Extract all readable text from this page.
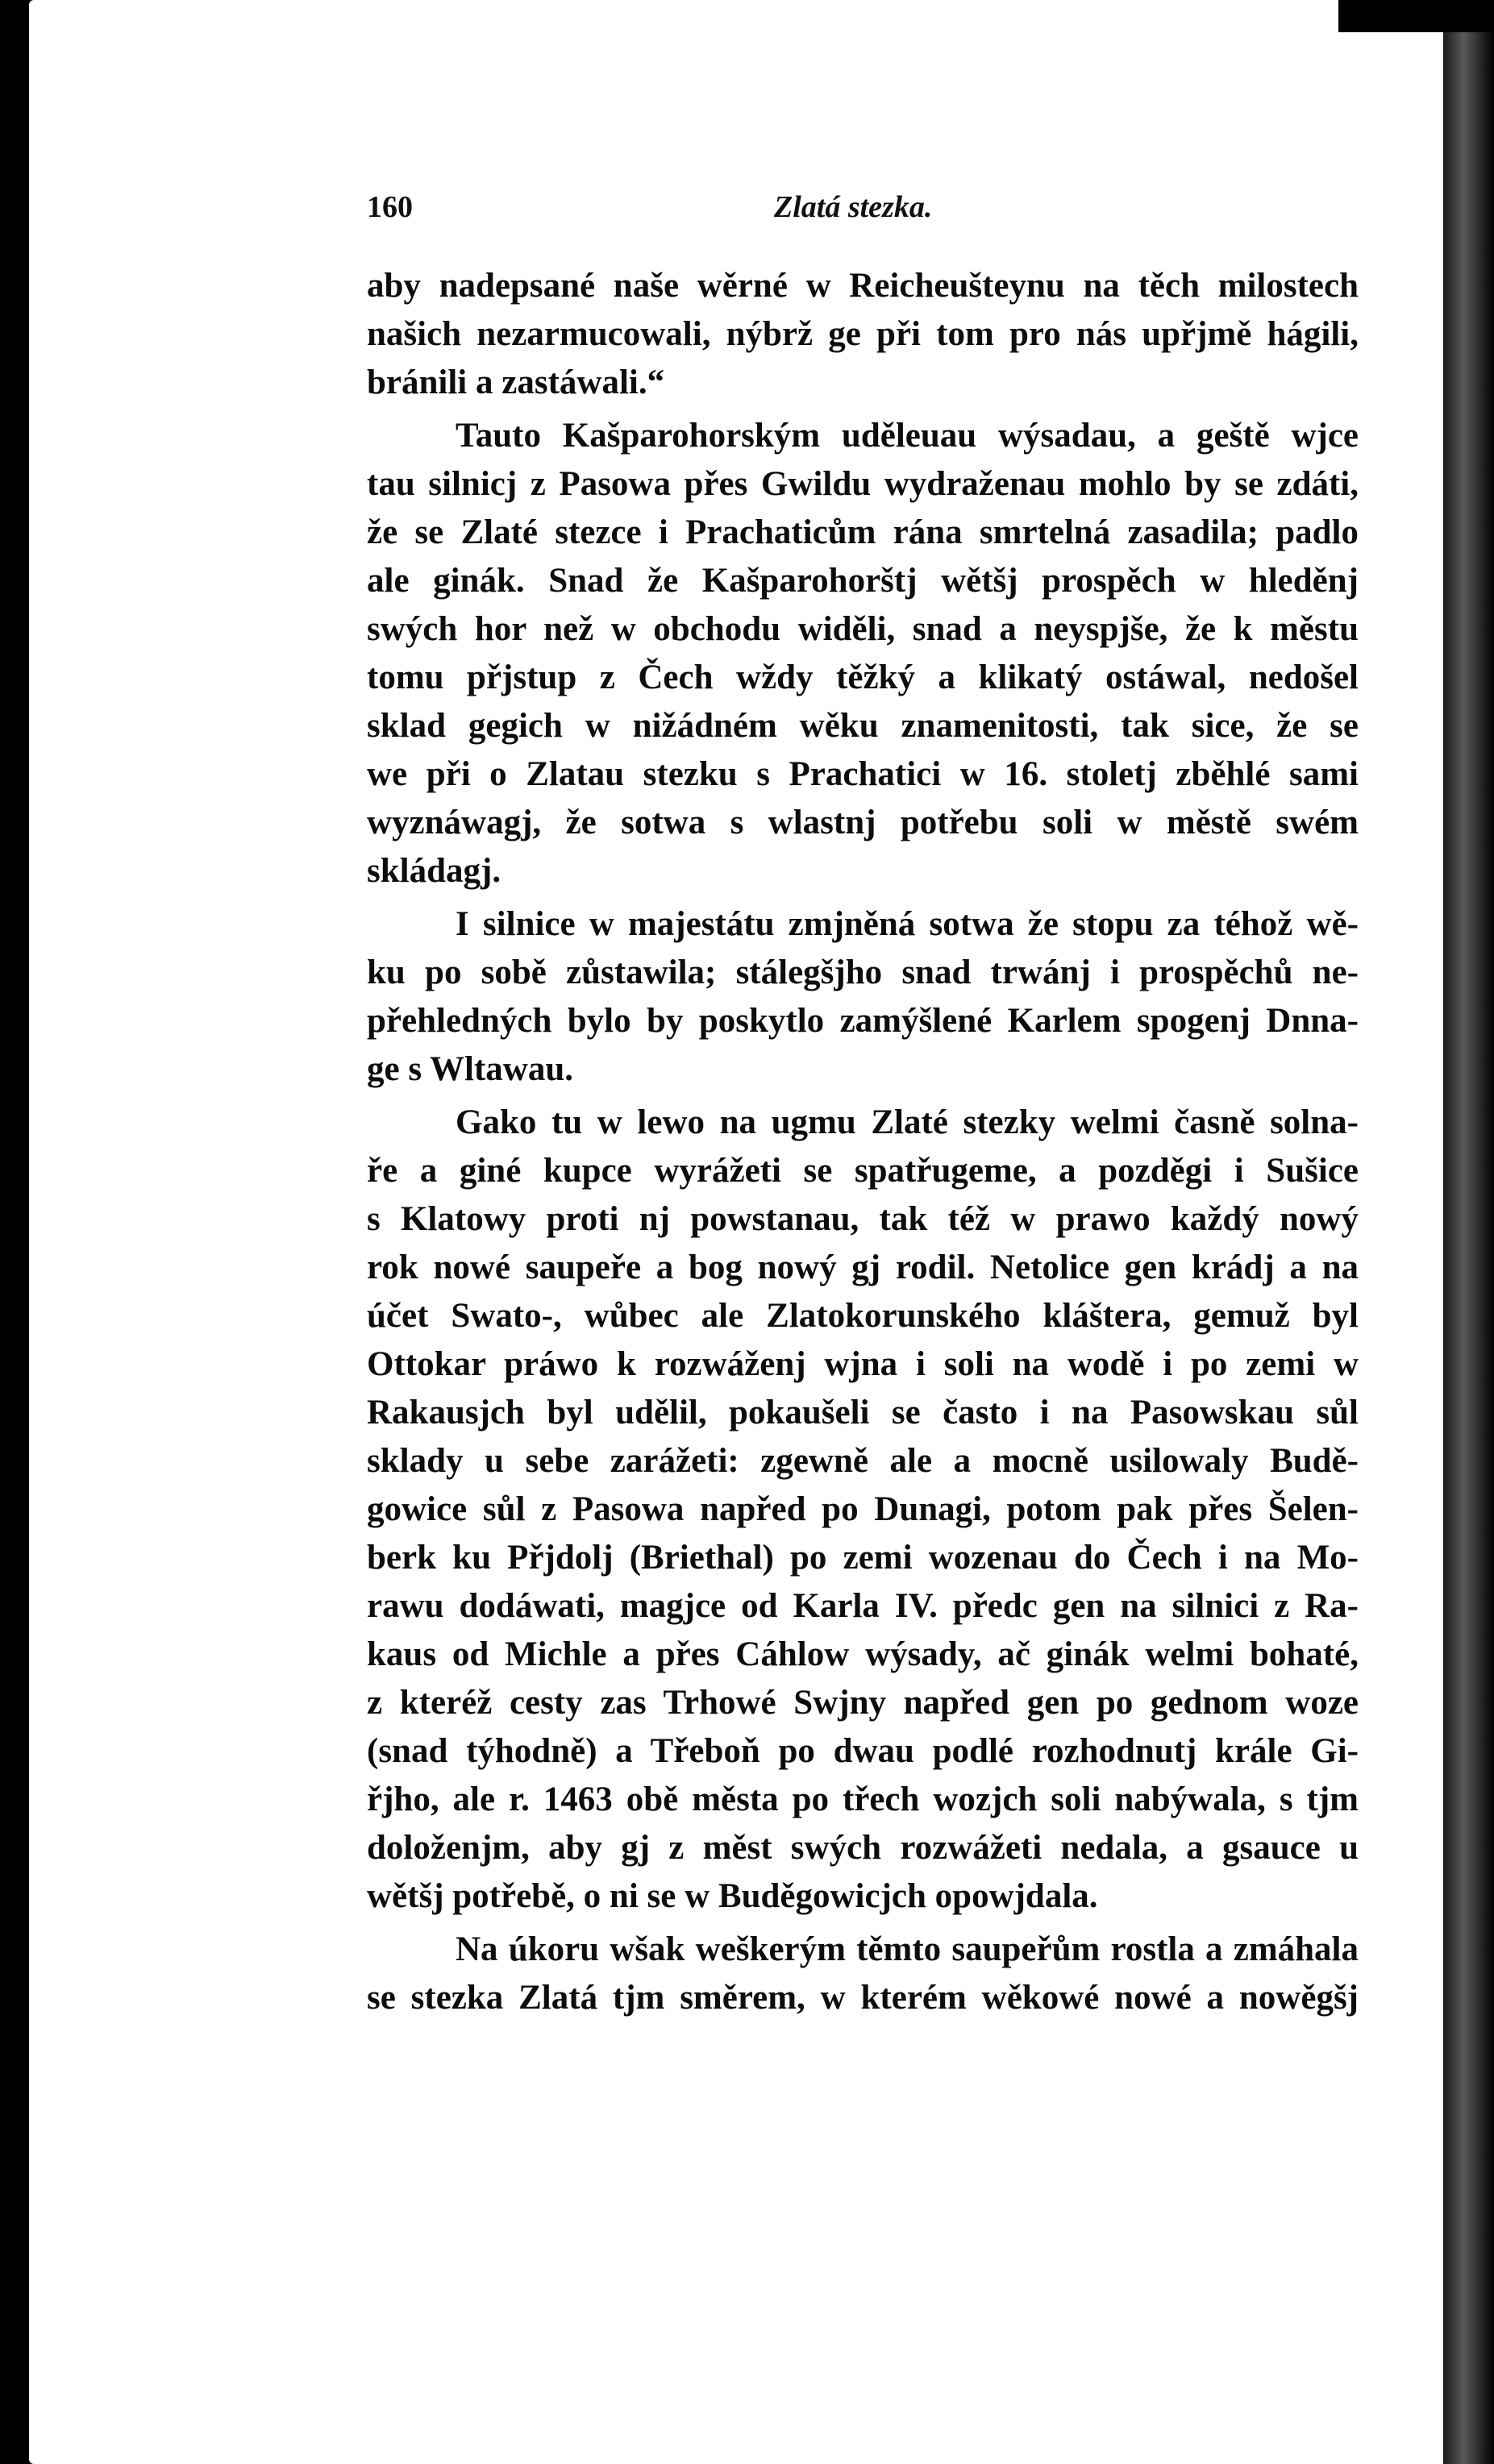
160	Zlatá stezka.
aby nadepsané naše wěrné w Reicheušteynu na těch milostech
našich nezarmucowali, nýbrž ge při tom pro nás upřjmě hágili,
bránili a zastáwali.“
Tauto Kašparohorským uděleuau wýsadau, a geště wjce
tau silnicj z Pasowa přes Gwildu wydraženau mohlo by se zdáti,
že se Zlaté stezce i Prachaticům rána smrtelná zasadila; padlo
ale ginák. Snad že Kašparohorštj wětšj prospěch w hleděnj
swých hor než w obchodu widěli, snad a neyspjše, že k městu
tomu přjstup z Čech wždy těžký a klikatý ostáwal, nedošel
sklad gegich w nižádném wěku znamenitosti, tak sice, že se
we při o Zlatau stezku s Prachatici w 16. stoletj zběhlé sami
wyznáwagj, že sotwa s wlastnj potřebu soli w městě swém
skládagj.
I silnice w majestátu zmjněná sotwa že stopu za téhož wě-
ku po sobě zůstawila; stálegšjho snad trwánj i prospěchů ne-
přehledných bylo by poskytlo zamýšlené Karlem spogenj Dnna-
ge s Wltawau.
Gako tu w lewo na ugmu Zlaté stezky welmi časně solna-
ře a giné kupce wyrážeti se spatřugeme, a pozděgi i Sušice
s Klatowy proti nj powstanau, tak též w prawo každý nowý
rok nowé saupeře a bog nowý gj rodil. Netolice gen krádj a na
účet Swato-, wůbec ale Zlatokorunského kláštera, gemuž byl
Ottokar práwo k rozwáženj wjna i soli na wodě i po zemi w
Rakausjch byl udělil, pokaušeli se často i na Pasowskau sůl
sklady u sebe zarážeti: zgewně ale a mocně usilowaly Budě-
gowice sůl z Pasowa napřed po Dunagi, potom pak přes Šelen-
berk ku Přjdolj (Briethal) po zemi wozenau do Čech i na Mo-
rawu dodáwati, magjce od Karla IV. předc gen na silnici z Ra-
kaus od Michle a přes Cáhlow wýsady, ač ginák welmi bohaté,
z kteréž cesty zas Trhowé Swjny napřed gen po gednom woze
(snad týhodně) a Třeboň po dwau podlé rozhodnutj krále Gi-
řjho, ale r. 1463 obě města po třech wozjch soli nabýwala, s tjm
doloženjm, aby gj z měst swých rozwážeti nedala, a gsauce u
wětšj potřebě, o ni se w Buděgowicjch opowjdala.
Na úkoru wšak weškerým těmto saupeřům rostla a zmáhala
se stezka Zlatá tjm směrem, w kterém wěkowé nowé a nowěgšj
